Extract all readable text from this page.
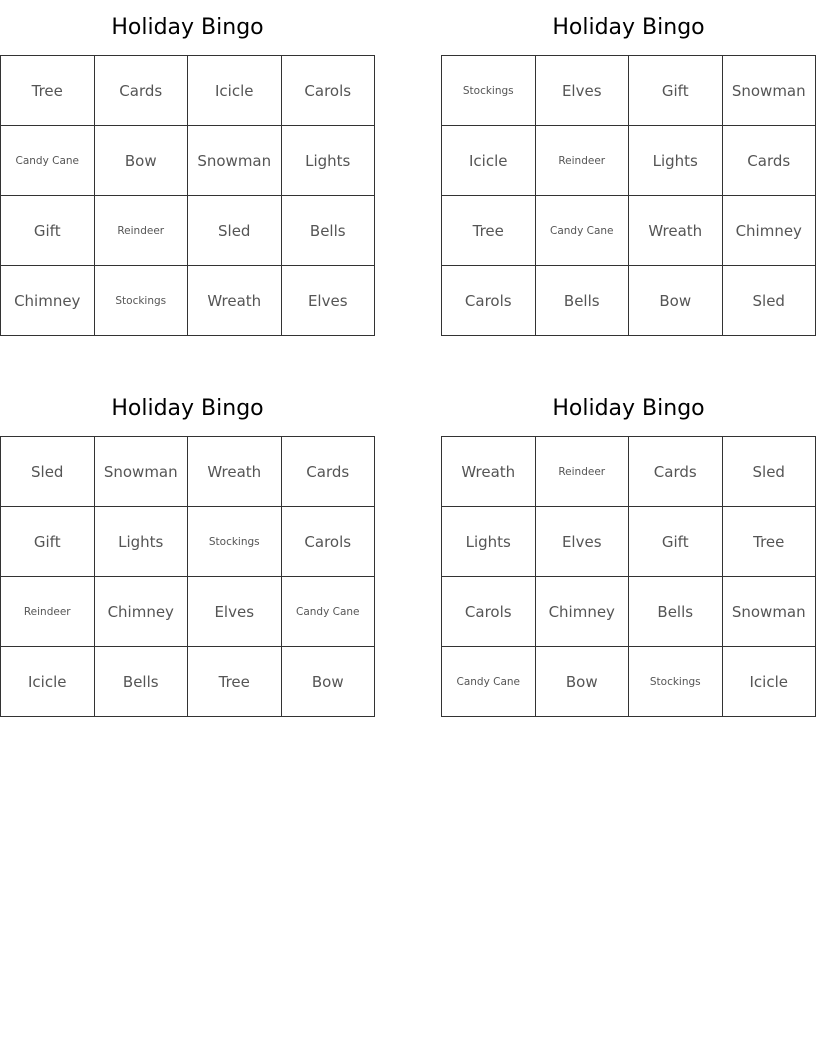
Holiday Bingo
Tree	Cards	Icicle	Carols
Candy Cane	Bow	Snowman	Lights
Gift	Reindeer	Sled	Bells
Chimney	Stockings	Wreath	Elves
Holiday Bingo
Stockings	Elves	Gift	Snowman
Icicle	Reindeer	Lights	Cards
Tree	Candy Cane	Wreath	Chimney
Carols	Bells	Bow	Sled
Holiday Bingo
Sled	Snowman	Wreath	Cards
Gift	Lights	Stockings	Carols
Reindeer	Chimney	Elves	Candy Cane
Icicle	Bells	Tree	Bow
Holiday Bingo
Wreath	Reindeer	Cards	Sled
Lights	Elves	Gift	Tree
Carols	Chimney	Bells	Snowman
Candy Cane	Bow	Stockings	Icicle
